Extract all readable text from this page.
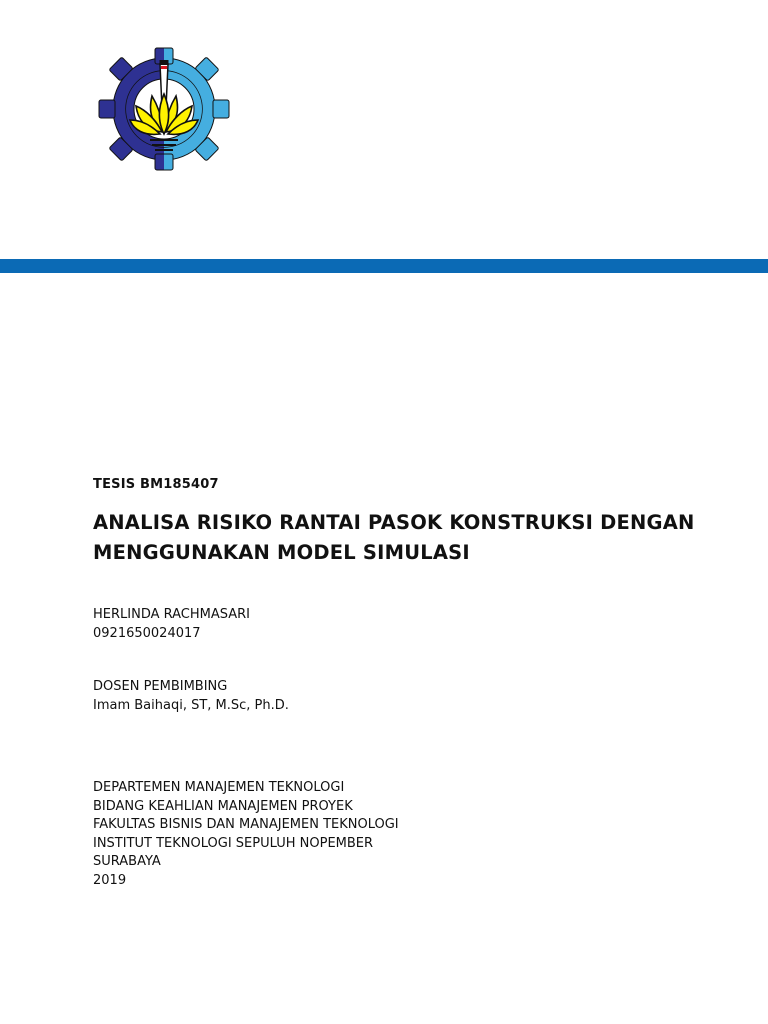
TESIS BM185407

ANALISA RISIKO RANTAI PASOK KONSTRUKSI DENGAN MENGGUNAKAN MODEL SIMULASI
HERLINDA RACHMASARI
0921650024017
DOSEN PEMBIMBING
Imam Baihaqi, ST, M.Sc, Ph.D.
DEPARTEMEN MANAJEMEN TEKNOLOGI
BIDANG KEAHLIAN MANAJEMEN PROYEK
FAKULTAS BISNIS DAN MANAJEMEN TEKNOLOGI
INSTITUT TEKNOLOGI SEPULUH NOPEMBER
SURABAYA
2019
